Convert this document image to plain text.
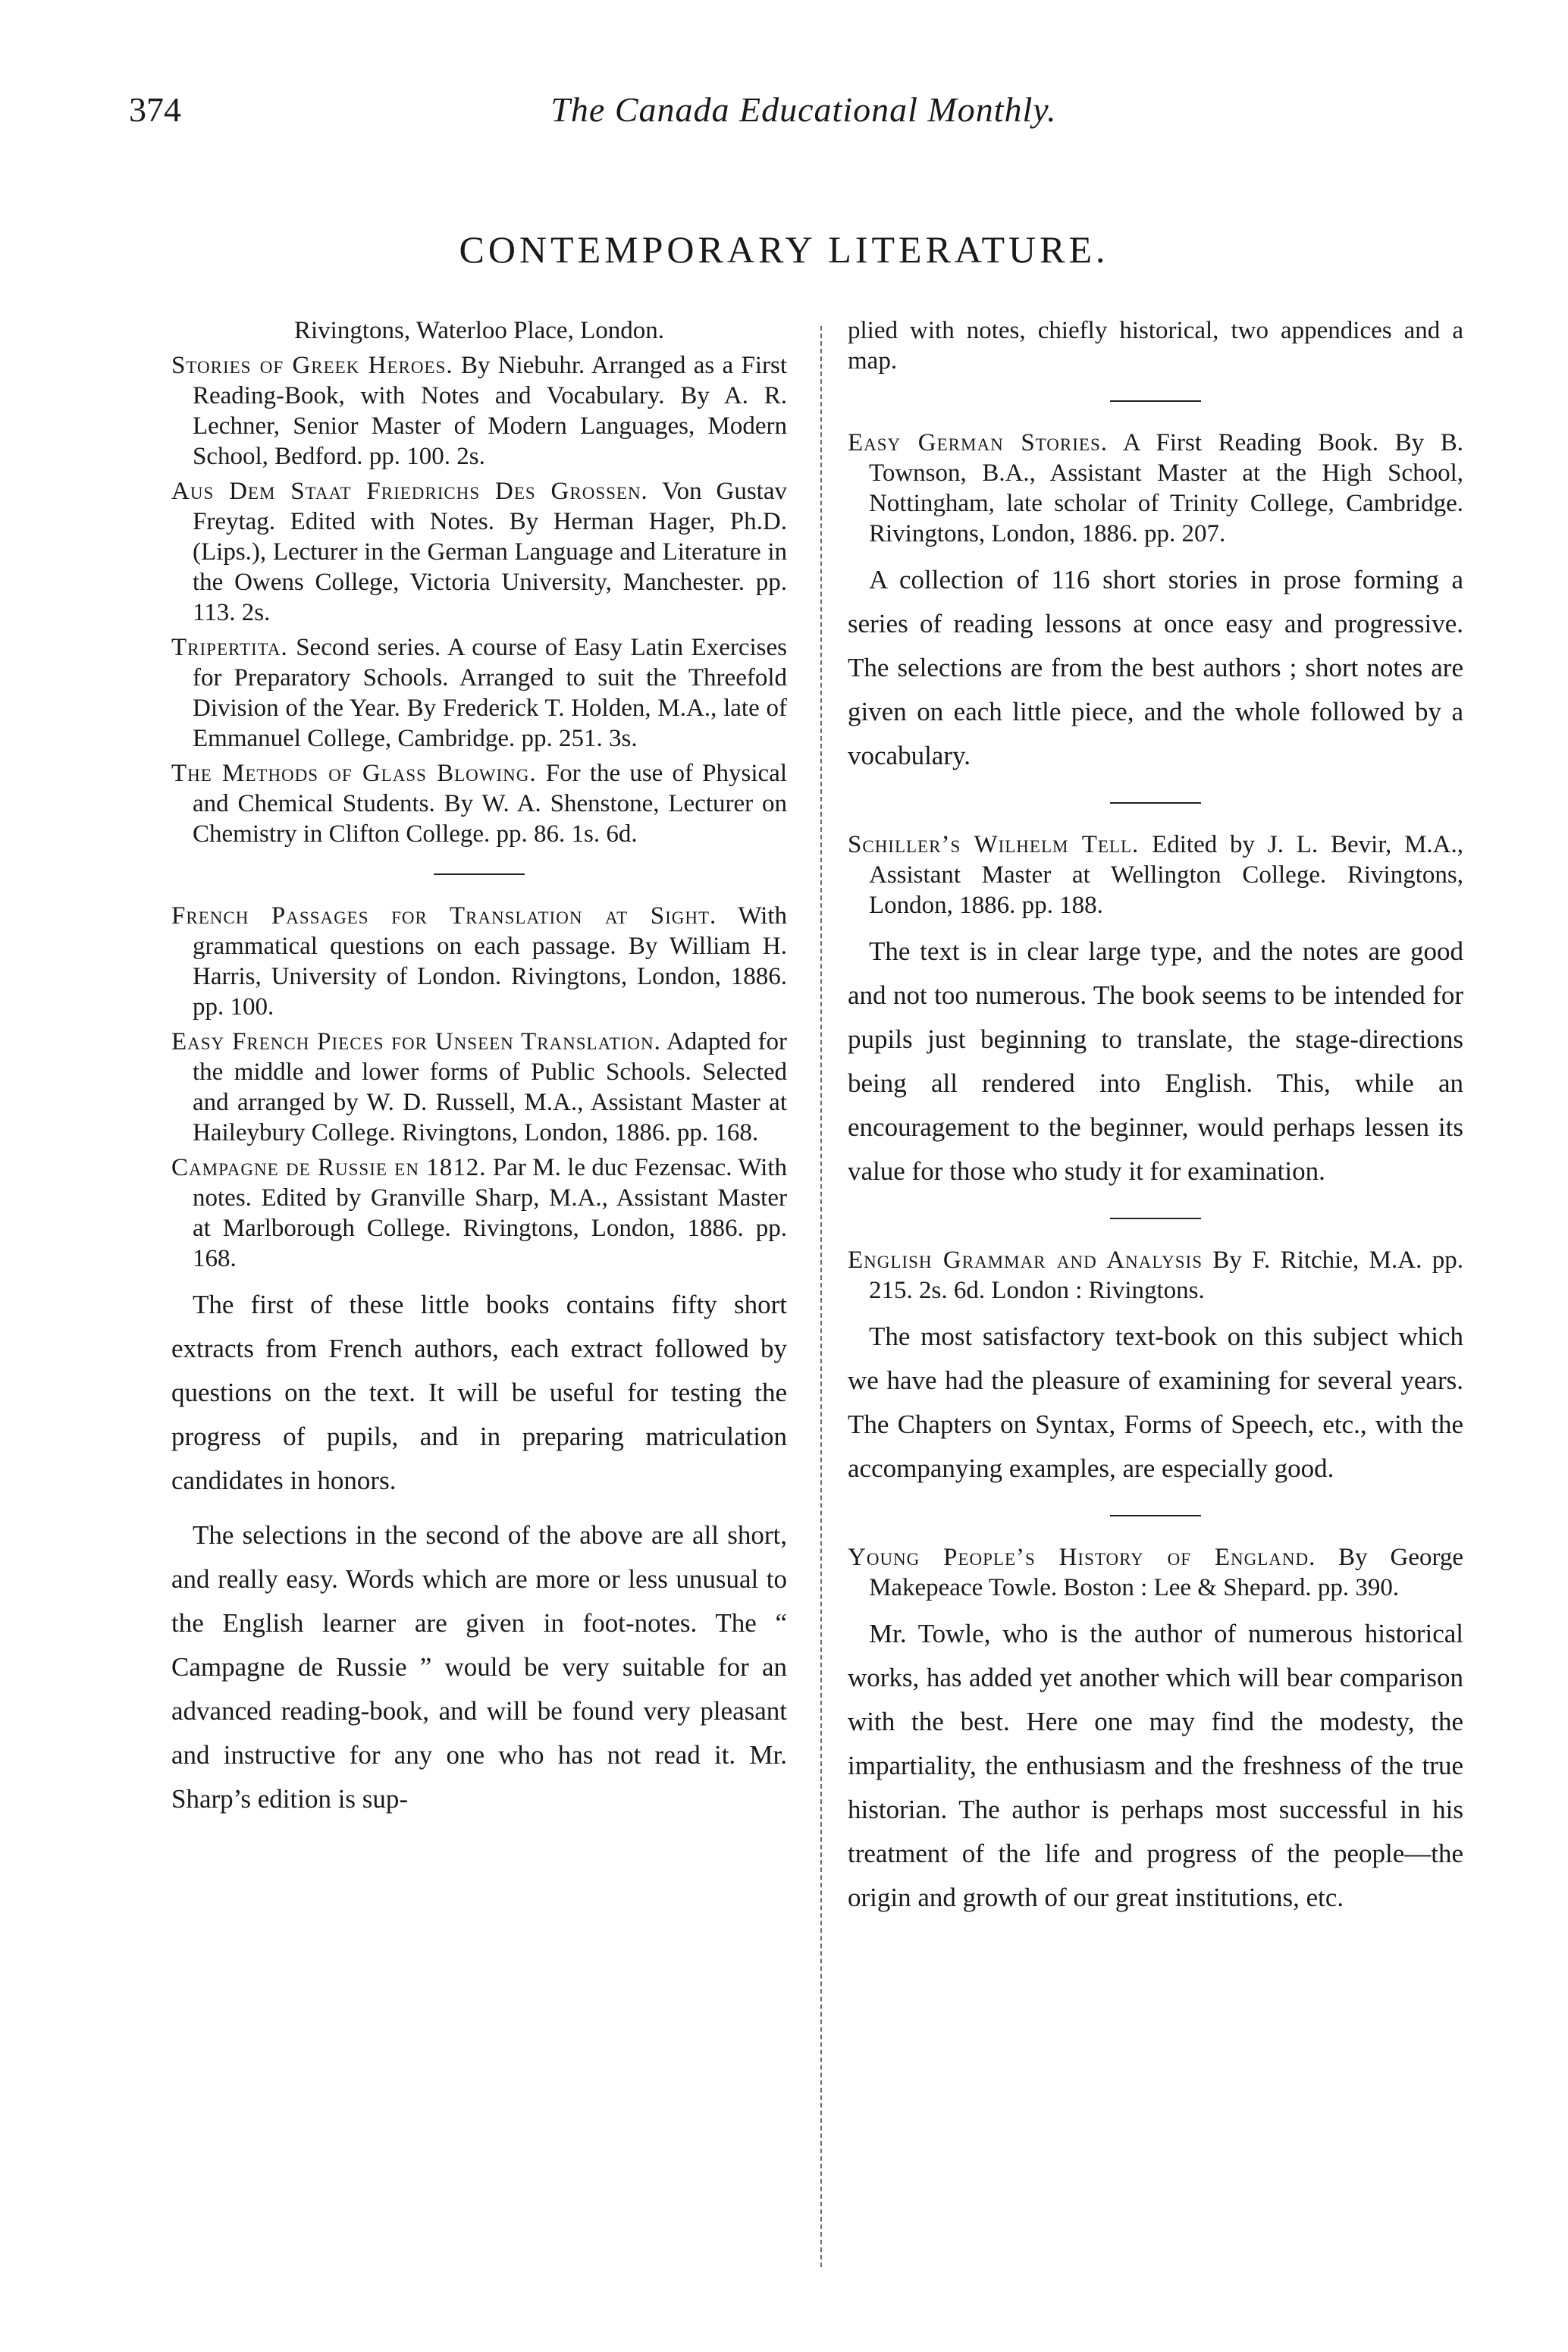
374	The Canada Educational Monthly.
CONTEMPORARY LITERATURE.

Rivingtons, Waterloo Place, London.

Stories of Greek Heroes. By Niebuhr. Arranged as a First Reading-Book, with Notes and Vocabulary. By A. R. Lechner, Senior Master of Modern Languages, Modern School, Bedford. pp. 100. 2s.

Aus Dem Staat Friedrichs Des Grossen. Von Gustav Freytag. Edited with Notes. By Herman Hager, Ph.D. (Lips.), Lecturer in the German Language and Literature in the Owens College, Victoria University, Manchester. pp. 113. 2s.

Tripertita. Second series. A course of Easy Latin Exercises for Preparatory Schools. Arranged to suit the Threefold Division of the Year. By Frederick T. Holden, M.A., late of Emmanuel College, Cambridge. pp. 251. 3s.

The Methods of Glass Blowing. For the use of Physical and Chemical Students. By W. A. Shenstone, Lecturer on Chemistry in Clifton College. pp. 86. 1s. 6d.

French Passages for Translation at Sight. With grammatical questions on each passage. By William H. Harris, University of London. Rivingtons, London, 1886. pp. 100.

Easy French Pieces for Unseen Translation. Adapted for the middle and lower forms of Public Schools. Selected and arranged by W. D. Russell, M.A., Assistant Master at Haileybury College. Rivingtons, London, 1886. pp. 168.

Campagne de Russie en 1812. Par M. le duc Fezensac. With notes. Edited by Granville Sharp, M.A., Assistant Master at Marlborough College. Rivingtons, London, 1886. pp. 168.

The first of these little books contains fifty short extracts from French authors, each extract followed by questions on the text. It will be useful for testing the progress of pupils, and in preparing matriculation candidates in honors.

The selections in the second of the above are all short, and really easy. Words which are more or less unusual to the English learner are given in foot-notes. The “ Campagne de Russie ” would be very suitable for an advanced reading-book, and will be found very pleasant and instructive for any one who has not read it. Mr. Sharp’s edition is sup-

plied with notes, chiefly historical, two appendices and a map.

Easy German Stories. A First Reading Book. By B. Townson, B.A., Assistant Master at the High School, Nottingham, late scholar of Trinity College, Cambridge. Rivingtons, London, 1886. pp. 207.

A collection of 116 short stories in prose forming a series of reading lessons at once easy and progressive. The selections are from the best authors ; short notes are given on each little piece, and the whole followed by a vocabulary.

Schiller’s Wilhelm Tell. Edited by J. L. Bevir, M.A., Assistant Master at Wellington College. Rivingtons, London, 1886. pp. 188.

The text is in clear large type, and the notes are good and not too numerous. The book seems to be intended for pupils just beginning to translate, the stage-directions being all rendered into English. This, while an encouragement to the beginner, would perhaps lessen its value for those who study it for examination.

English Grammar and Analysis By F. Ritchie, M.A. pp. 215. 2s. 6d. London : Rivingtons.

The most satisfactory text-book on this subject which we have had the pleasure of examining for several years. The Chapters on Syntax, Forms of Speech, etc., with the accompanying examples, are especially good.

Young People’s History of England. By George Makepeace Towle. Boston : Lee & Shepard. pp. 390.

Mr. Towle, who is the author of numerous historical works, has added yet another which will bear comparison with the best. Here one may find the modesty, the impartiality, the enthusiasm and the freshness of the true historian. The author is perhaps most successful in his treatment of the life and progress of the people—the origin and growth of our great institutions, etc.
